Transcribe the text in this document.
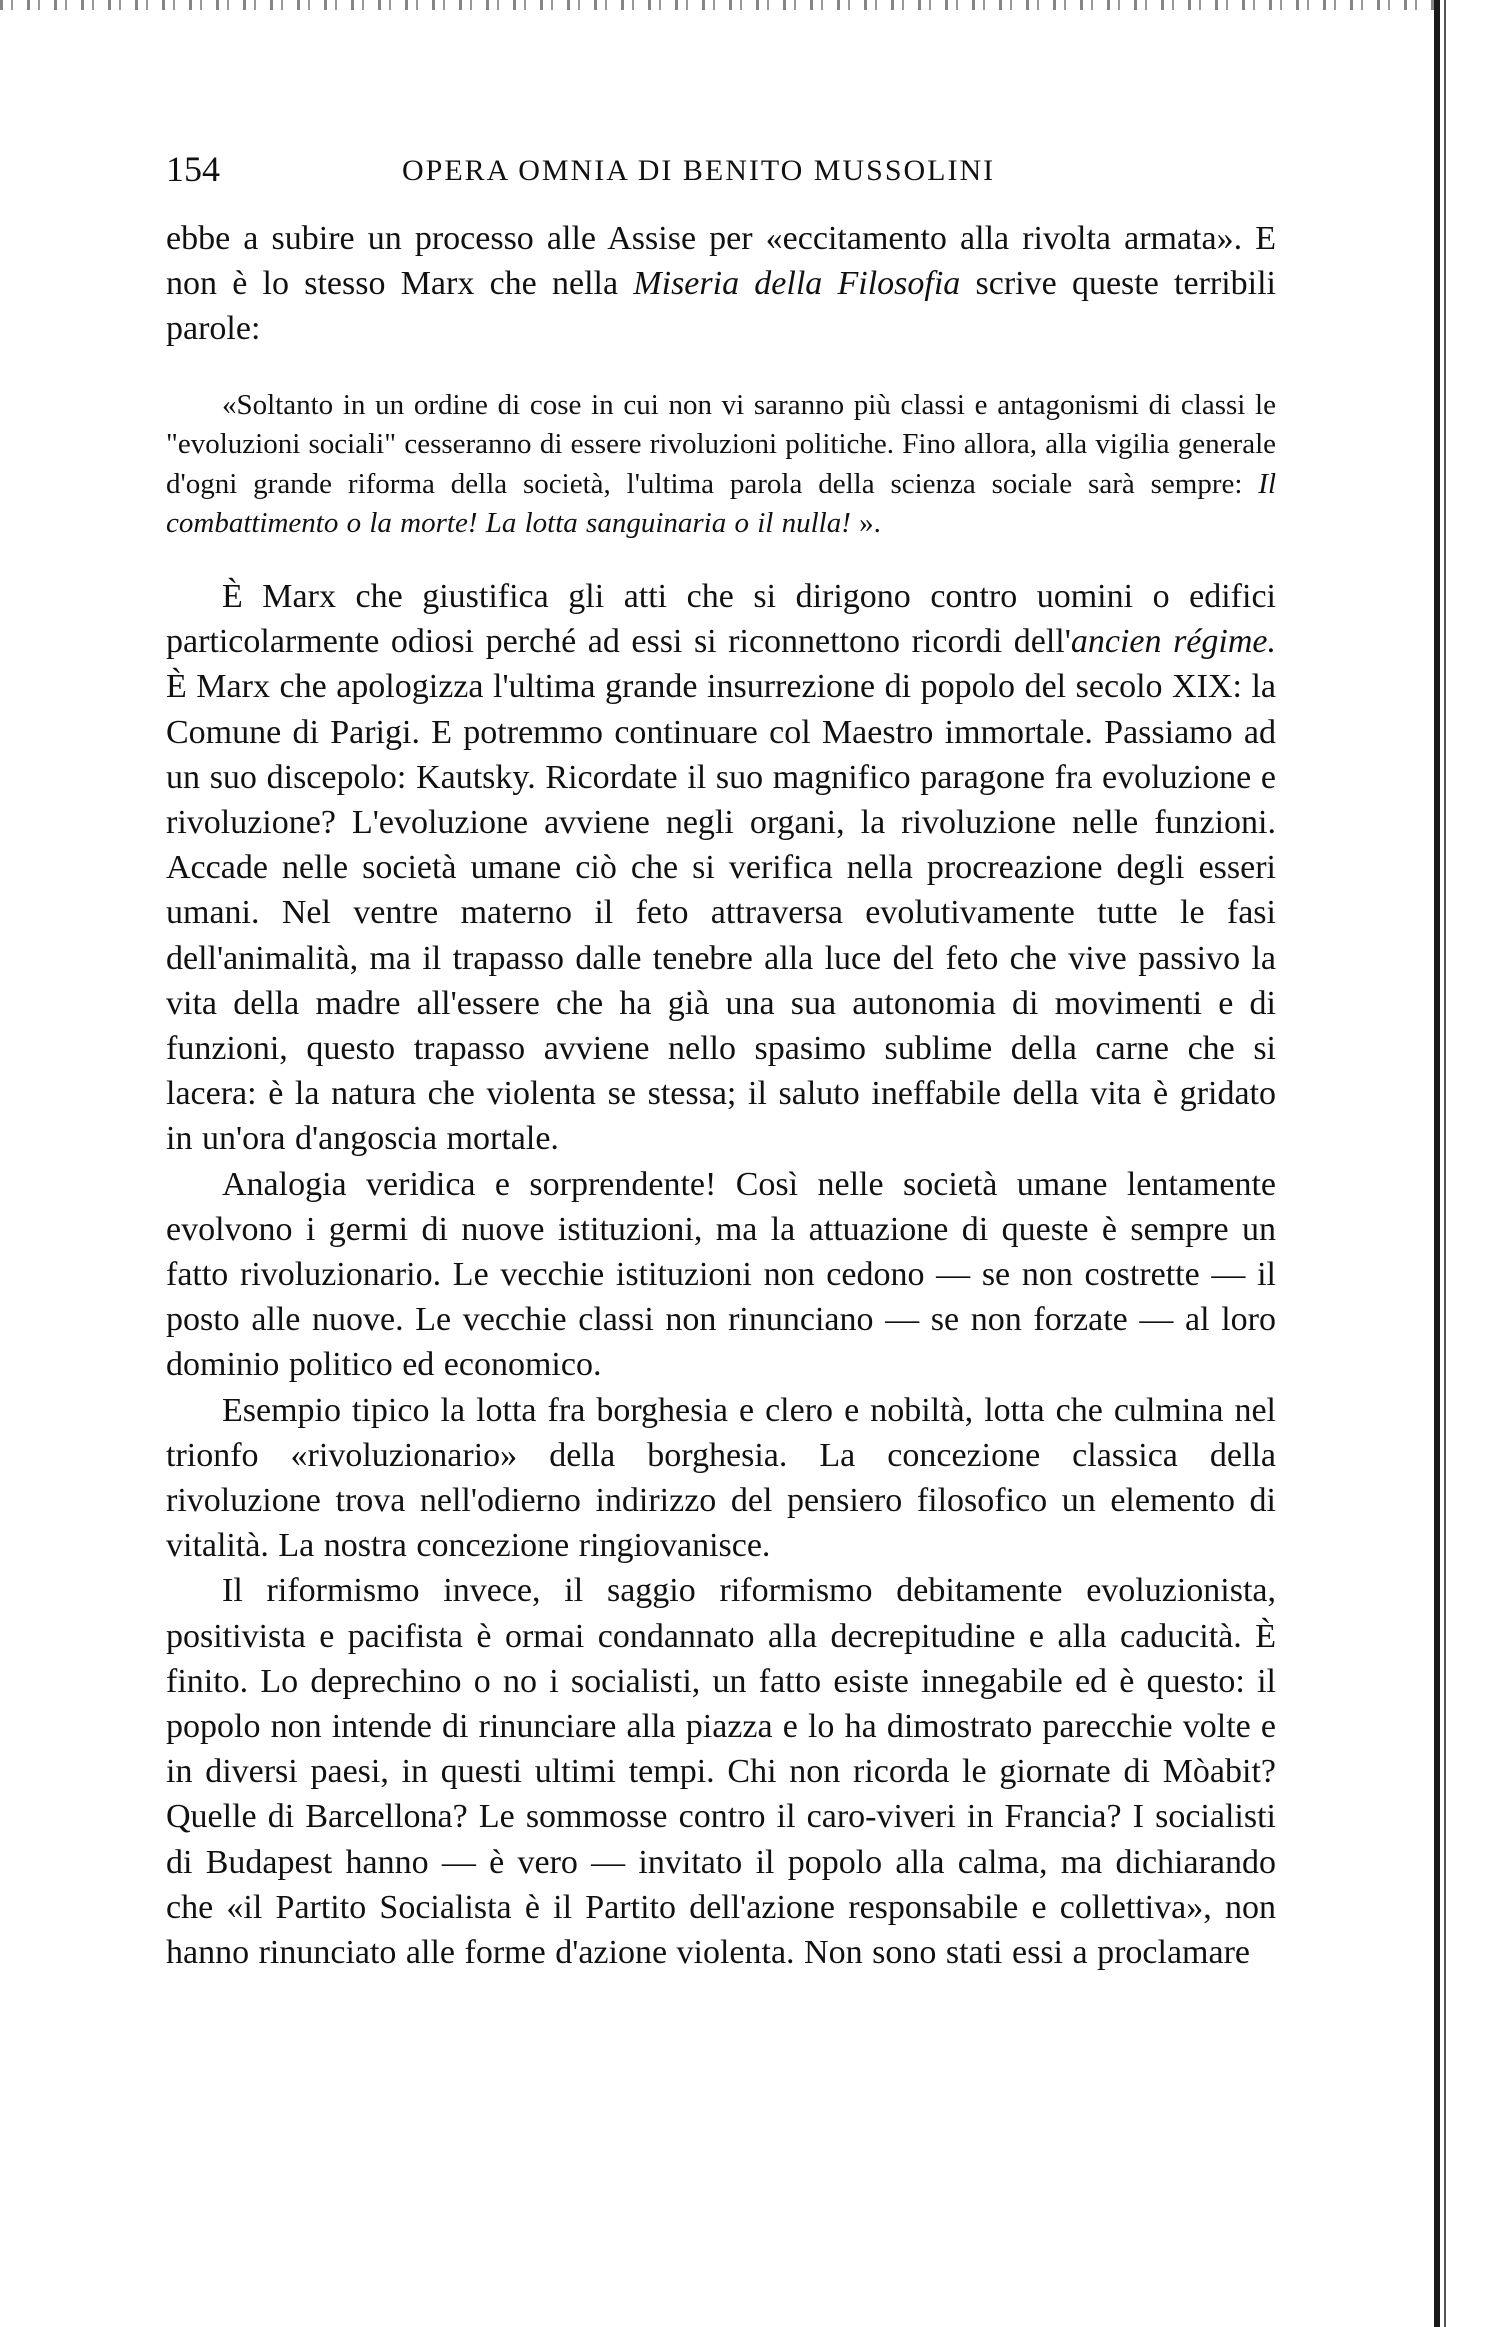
154	OPERA OMNIA DI BENITO MUSSOLINI

ebbe a subire un processo alle Assise per «eccitamento alla rivolta armata». E non è lo stesso Marx che nella Miseria della Filosofia scrive queste terribili parole:

«Soltanto in un ordine di cose in cui non vi saranno più classi e antagonismi di classi le "evoluzioni sociali" cesseranno di essere rivoluzioni politiche. Fino allora, alla vigilia generale d'ogni grande riforma della società, l'ultima parola della scienza sociale sarà sempre: Il combattimento o la morte! La lotta sanguinaria o il nulla! ».

È Marx che giustifica gli atti che si dirigono contro uomini o edifici particolarmente odiosi perché ad essi si riconnettono ricordi dell'ancien régime. È Marx che apologizza l'ultima grande insurrezione di popolo del secolo XIX: la Comune di Parigi. E potremmo continuare col Maestro immortale. Passiamo ad un suo discepolo: Kautsky. Ricordate il suo magnifico paragone fra evoluzione e rivoluzione? L'evoluzione avviene negli organi, la rivoluzione nelle funzioni. Accade nelle società umane ciò che si verifica nella procreazione degli esseri umani. Nel ventre materno il feto attraversa evolutivamente tutte le fasi dell'animalità, ma il trapasso dalle tenebre alla luce del feto che vive passivo la vita della madre all'essere che ha già una sua autonomia di movimenti e di funzioni, questo trapasso avviene nello spasimo sublime della carne che si lacera: è la natura che violenta se stessa; il saluto ineffabile della vita è gridato in un'ora d'angoscia mortale.

Analogia veridica e sorprendente! Così nelle società umane lentamente evolvono i germi di nuove istituzioni, ma la attuazione di queste è sempre un fatto rivoluzionario. Le vecchie istituzioni non cedono — se non costrette — il posto alle nuove. Le vecchie classi non rinunciano — se non forzate — al loro dominio politico ed economico.

Esempio tipico la lotta fra borghesia e clero e nobiltà, lotta che culmina nel trionfo «rivoluzionario» della borghesia. La concezione classica della rivoluzione trova nell'odierno indirizzo del pensiero filosofico un elemento di vitalità. La nostra concezione ringiovanisce.

Il riformismo invece, il saggio riformismo debitamente evoluzionista, positivista e pacifista è ormai condannato alla decrepitudine e alla caducità. È finito. Lo deprechino o no i socialisti, un fatto esiste innegabile ed è questo: il popolo non intende di rinunciare alla piazza e lo ha dimostrato parecchie volte e in diversi paesi, in questi ultimi tempi. Chi non ricorda le giornate di Mòabit? Quelle di Barcellona? Le sommosse contro il caro-viveri in Francia? I socialisti di Budapest hanno — è vero — invitato il popolo alla calma, ma dichiarando che «il Partito Socialista è il Partito dell'azione responsabile e collettiva», non hanno rinunciato alle forme d'azione violenta. Non sono stati essi a proclamare
